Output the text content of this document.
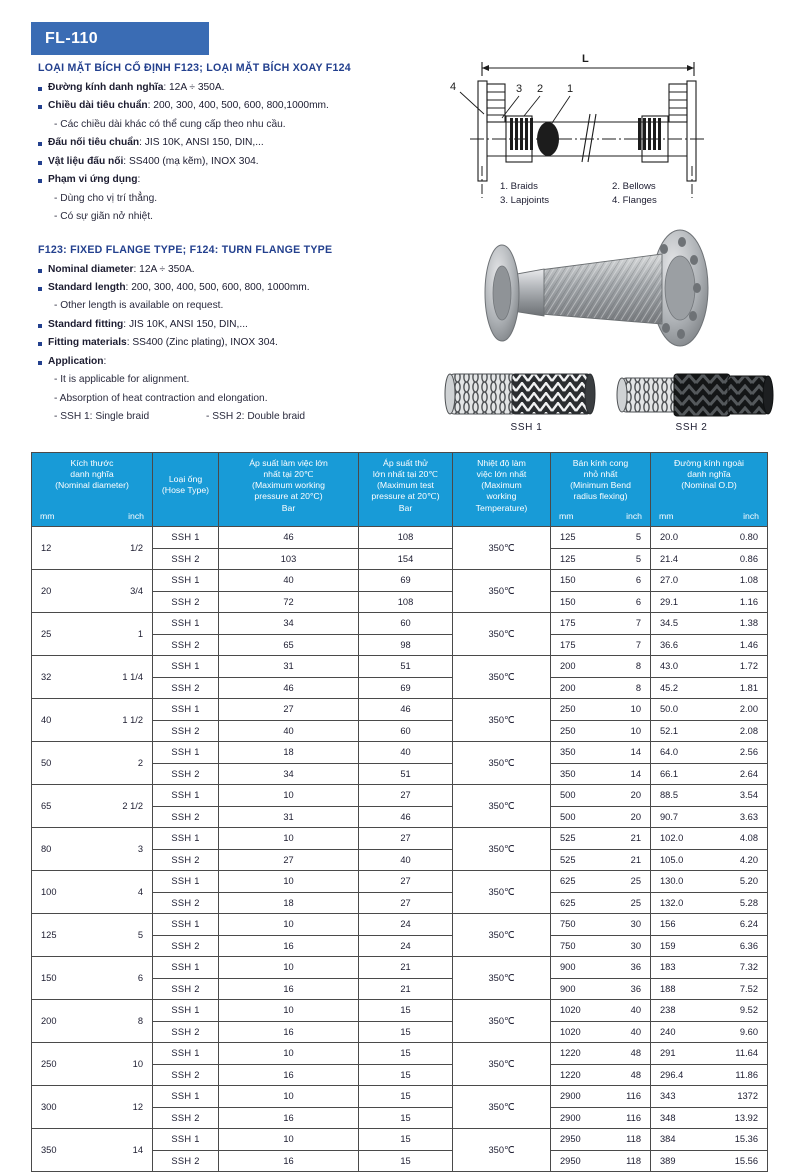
FL-110
LOẠI MẶT BÍCH CỐ ĐỊNH F123; LOẠI MẶT BÍCH XOAY F124
Đường kính danh nghĩa: 12A ÷ 350A.
Chiều dài tiêu chuẩn: 200, 300, 400, 500, 600, 800,1000mm.
- Các chiều dài khác có thể cung cấp theo nhu cầu.
Đấu nối tiêu chuẩn: JIS 10K, ANSI 150, DIN,...
Vật liệu đấu nối: SS400 (mạ kẽm), INOX 304.
Phạm vi ứng dụng:
- Dùng cho vị trí thẳng.
- Có sự giãn nở nhiệt.
F123: FIXED FLANGE TYPE; F124: TURN FLANGE TYPE
Nominal diameter: 12A ÷ 350A.
Standard length: 200, 300, 400, 500, 600, 800, 1000mm.
- Other length is available on request.
Standard fitting: JIS 10K, ANSI 150, DIN,...
Fitting materials: SS400 (Zinc plating), INOX 304.
Application:
- It is applicable for alignment.
- Absorption of heat contraction and elongation.
- SSH 1: Single braid	- SSH 2: Double braid
4	3 2 1
L
1. Braids	2. Bellows
3. Lapjoints	4. Flanges
SSH 1	SSH 2
Kích thước
danh nghĩa
(Nominal diameter)
mm	inch

Loại ống
(Hose Type)

Áp suất làm việc lớn
nhất tại 20℃
(Maximum working
pressure at 20°C)
Bar

Áp suất thử
lớn nhất tại 20℃
(Maximum test
pressure at 20℃)
Bar

Nhiệt độ làm
việc lớn nhất
(Maximum
working
Temperature)

Bán kính cong
nhỏ nhất
(Minimum Bend
radius flexing)
mm	inch

Đường kính ngoài
danh nghĩa
(Nominal O.D)
mm	inch

12 1/2	SSH 1	46	108	350℃	125 5	20.0 0.80

	SSH 2	103	154		125 5	21.4 0.86

20 3/4	SSH 1	40	69	350℃	150 6	27.0 1.08

	SSH 2	72	108		150 6	29.1 1.16

25 1	SSH 1	34	60	350℃	175 7	34.5 1.38

	SSH 2	65	98		175 7	36.6 1.46

32 1 1/4	SSH 1	31	51	350℃	200 8	43.0 1.72

	SSH 2	46	69		200 8	45.2 1.81

40 1 1/2	SSH 1	27	46	350℃	250 10	50.0 2.00

	SSH 2	40	60		250 10	52.1 2.08

50 2	SSH 1	18	40	350℃	350 14	64.0 2.56

	SSH 2	34	51		350 14	66.1 2.64

65 2 1/2	SSH 1	10	27	350℃	500 20	88.5 3.54

	SSH 2	31	46		500 20	90.7 3.63

80 3	SSH 1	10	27	350℃	525 21	102.0 4.08

	SSH 2	27	40		525 21	105.0 4.20

100 4	SSH 1	10	27	350℃	625 25	130.0 5.20

	SSH 2	18	27		625 25	132.0 5.28

125 5	SSH 1	10	24	350℃	750 30	156 6.24

	SSH 2	16	24		750 30	159 6.36

150 6	SSH 1	10	21	350℃	900 36	183 7.32

	SSH 2	16	21		900 36	188 7.52

200 8	SSH 1	10	15	350℃	1020 40	238 9.52

	SSH 2	16	15		1020 40	240 9.60

250 10	SSH 1	10	15	350℃	1220 48	291 11.64

	SSH 2	16	15		1220 48	296.4 11.86

300 12	SSH 1	10	15	350℃	2900 116	343 1372

	SSH 2	16	15		2900 116	348 13.92

350 14	SSH 1	10	15	350℃	2950 118	384 15.36

	SSH 2	16	15		2950 118	389 15.56
